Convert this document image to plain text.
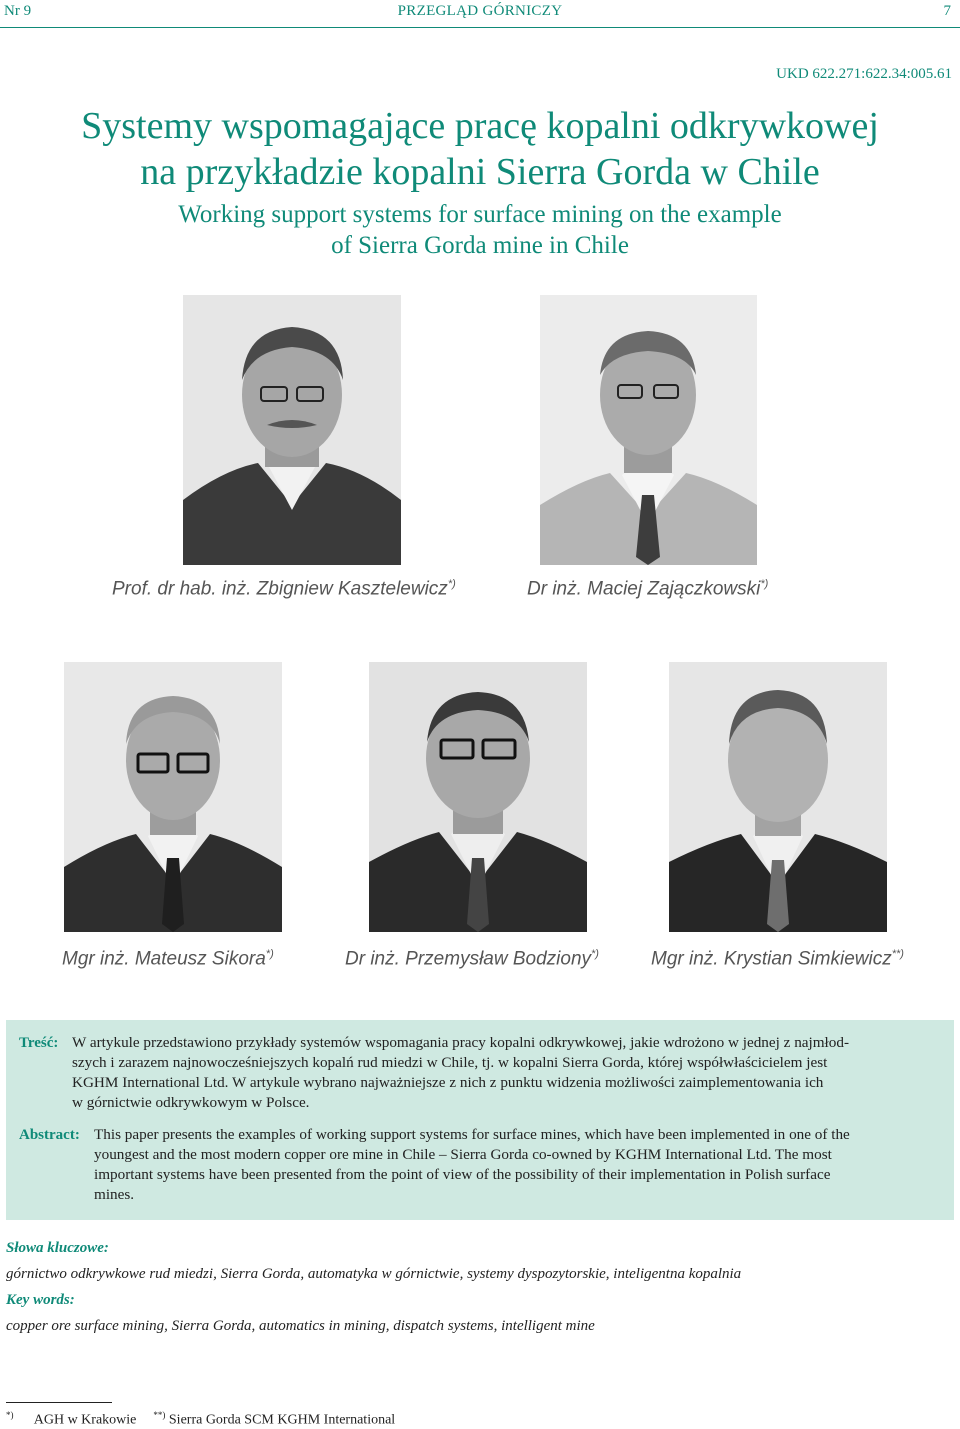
Nr 9	PRZEGLĄD GÓRNICZY	7
UKD 622.271:622.34:005.61
Systemy wspomagające pracę kopalni odkrywkowej
na przykładzie kopalni Sierra Gorda w Chile
Working support systems for surface mining on the example
of Sierra Gorda mine in Chile
Prof. dr hab. inż. Zbigniew Kasztelewicz*)	Dr inż. Maciej Zajączkowski*)
Mgr inż. Mateusz Sikora*)	Dr inż. Przemysław Bodziony*)	Mgr inż. Krystian Simkiewicz**)
Treść: W artykule przedstawiono przykłady systemów wspomagania pracy kopalni odkrywkowej, jakie wdrożono w jednej z najmłod-
szych i zarazem najnowocześniejszych kopalń rud miedzi w Chile, tj. w kopalni Sierra Gorda, której współwłaścicielem jest
KGHM International Ltd. W artykule wybrano najważniejsze z nich z punktu widzenia możliwości zaimplementowania ich
w górnictwie odkrywkowym w Polsce.
Abstract: This paper presents the examples of working support systems for surface mines, which have been implemented in one of the
youngest and the most modern copper ore mine in Chile – Sierra Gorda co-owned by KGHM International Ltd. The most
important systems have been presented from the point of view of the possibility of their implementation in Polish surface
mines.
Słowa kluczowe:
górnictwo odkrywkowe rud miedzi, Sierra Gorda, automatyka w górnictwie, systemy dyspozytorskie, inteligentna kopalnia
Key words:
copper ore surface mining, Sierra Gorda, automatics in mining, dispatch systems, intelligent mine
*) AGH w Krakowie **) Sierra Gorda SCM KGHM International
